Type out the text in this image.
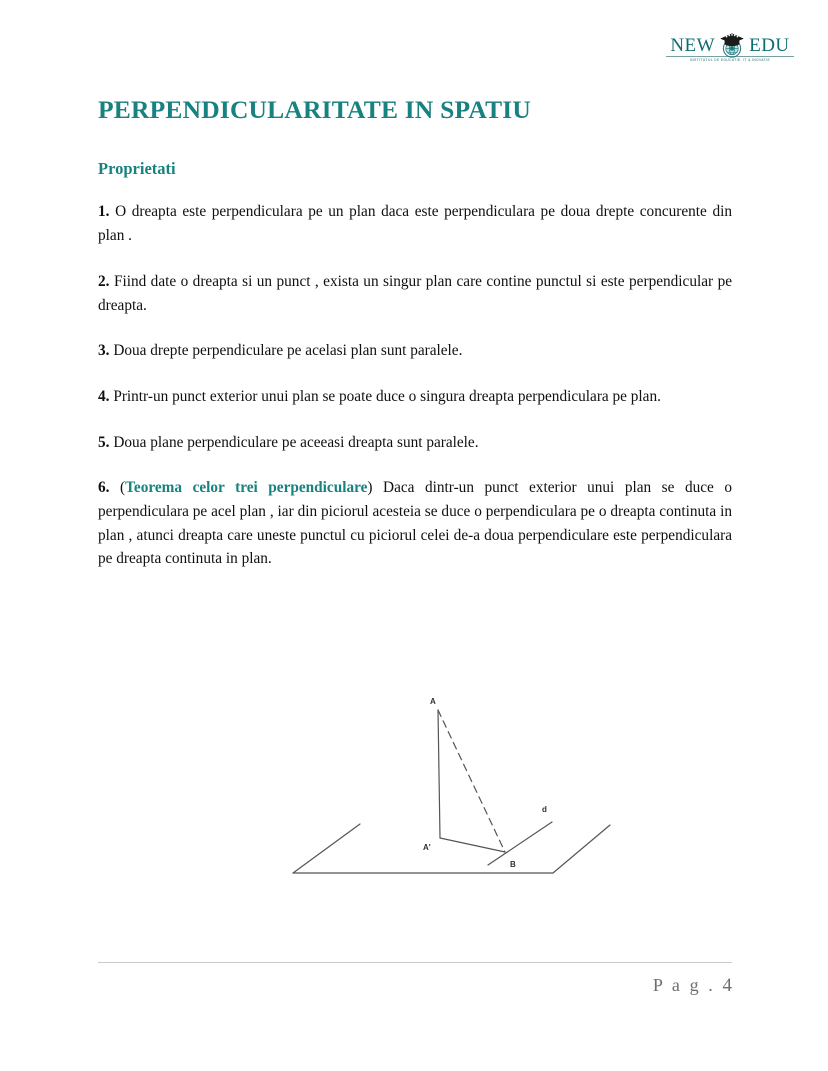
NEW EDU
INSTITUTUL DE EDUCATIE, IT & INOVATIE
PERPENDICULARITATE IN SPATIU
Proprietati

1. O dreapta este perpendiculara pe un plan daca este perpendiculara pe doua drepte concurente din plan .

2. Fiind date o dreapta si un punct , exista un singur plan care contine punctul si este perpendicular pe dreapta.

3. Doua drepte perpendiculare pe acelasi plan sunt paralele.

4. Printr-un punct exterior unui plan se poate duce o singura dreapta perpendiculara pe plan.

5. Doua plane perpendiculare pe aceeasi dreapta sunt paralele.

6. (Teorema celor trei perpendiculare) Daca dintr-un punct exterior unui plan se duce o perpendiculara pe acel plan , iar din piciorul acesteia se duce o perpendiculara pe o dreapta continuta in plan , atunci dreapta care uneste punctul cu piciorul celei de-a doua perpendiculare este perpendiculara pe dreapta continuta in plan.

A
A'
B
d
P a g . 4
